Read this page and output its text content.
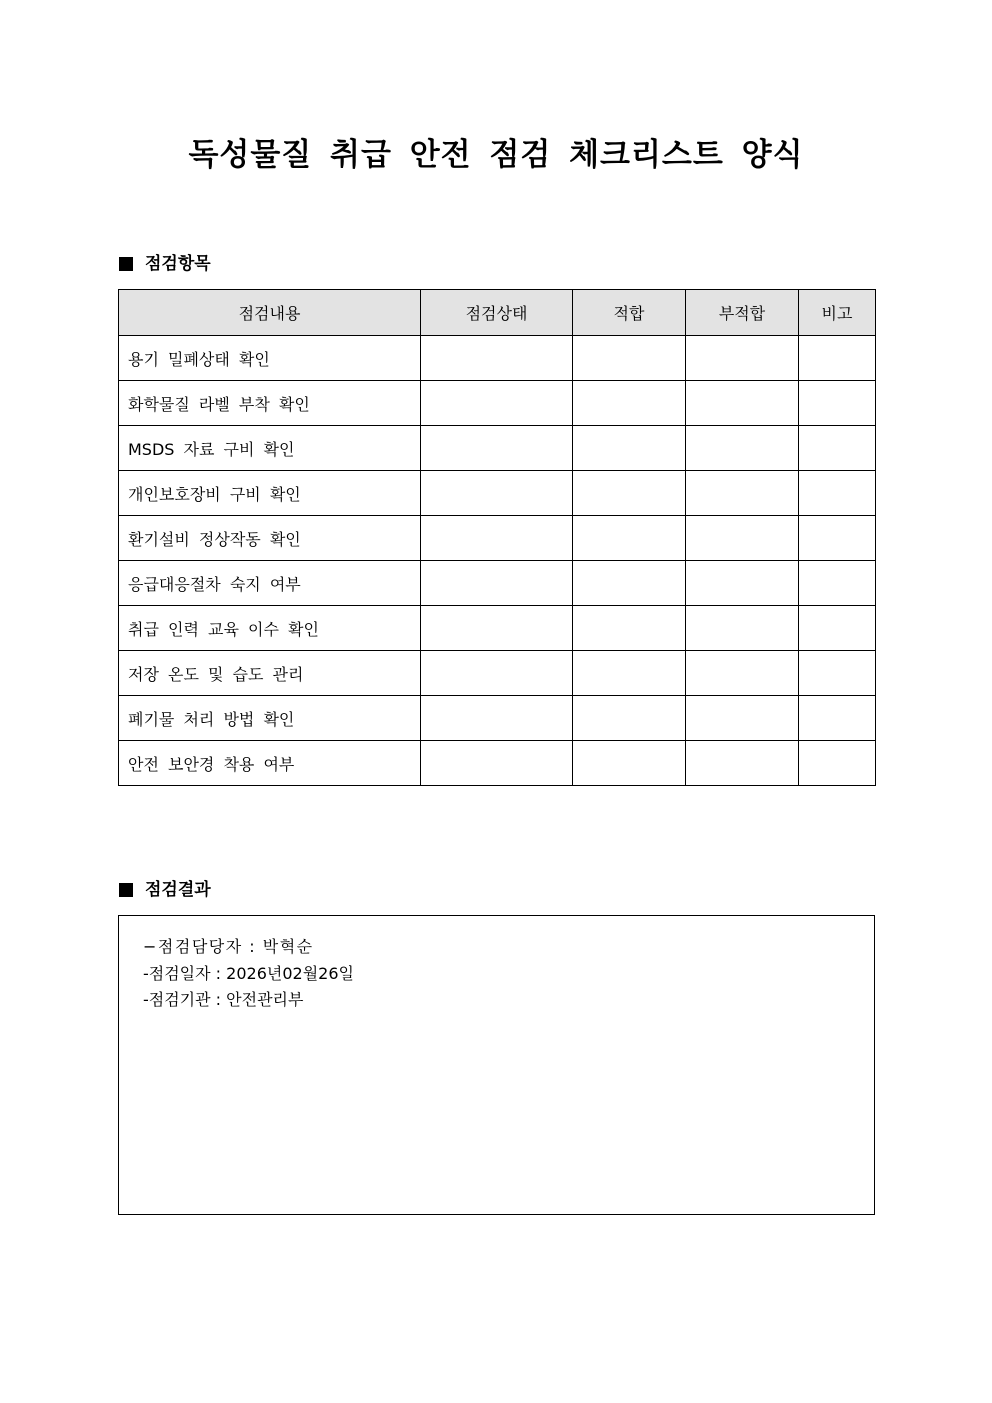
독성물질 취급 안전 점검 체크리스트 양식
점검항목
점검내용	점검상태	적합	부적합	비고
용기 밀폐상태 확인				
화학물질 라벨 부착 확인				
MSDS 자료 구비 확인				
개인보호장비 구비 확인				
환기설비 정상작동 확인				
응급대응절차 숙지 여부				
취급 인력 교육 이수 확인				
저장 온도 및 습도 관리				
폐기물 처리 방법 확인				
안전 보안경 착용 여부				
점검결과
−점검담당자 : 박혁순
-점검일자 : 2026년02월26일
-점검기관 : 안전관리부
